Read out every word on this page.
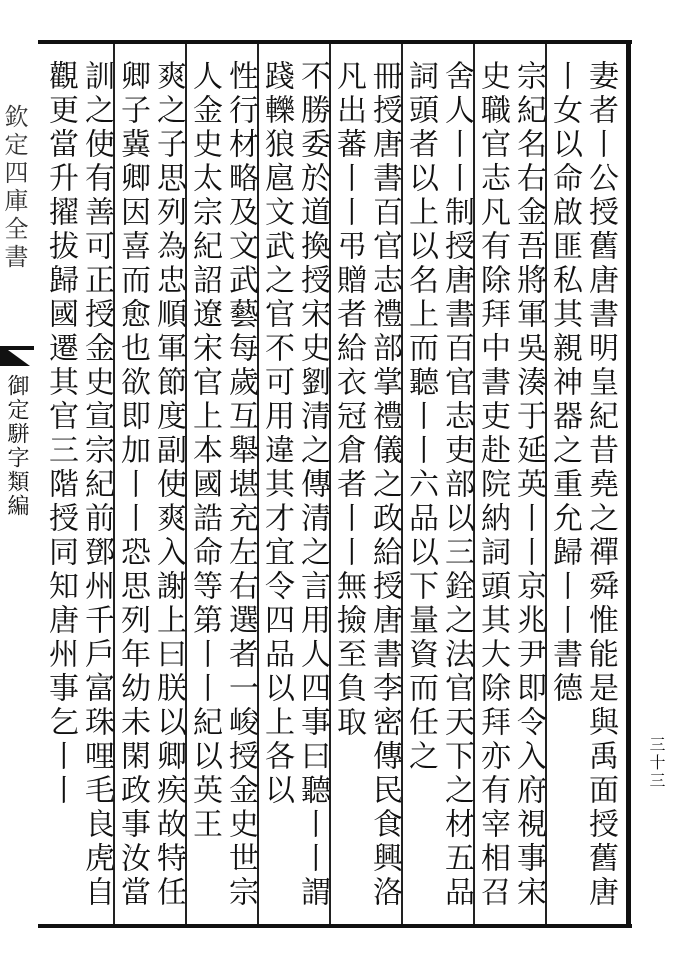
欽定四庫全書
御定駢字類編	妻者丨公授舊唐書明皇紀昔堯之禪舜惟能是與禹面授舊唐
丨女以命啟匪私其親神器之重允歸丨丨書德
宗紀名右金吾將軍吳湊于延英丨丨京兆尹即令入府視事宋
史職官志凡有除拜中書吏赴院納詞頭其大除拜亦有宰相召
舍人丨丨制授唐書百官志吏部以三銓之法官天下之材五品
詞頭者以上以名上而聽丨丨六品以下量資而任之
冊授唐書百官志禮部掌禮儀之政給授唐書李密傳民食興洛
凡出蕃丨丨弔贈者給衣冠倉者丨丨無撿至負取
不勝委於道換授宋史劉清之傳清之言用人四事曰聽丨丨謂
踐轢狼扈文武之官不可用違其才宜令四品以上各以
性行材略及文武藝每歲互舉堪充左右選者一峻授金史世宗
人金史太宗紀詔遼宋官上本國誥命等第丨丨紀以英王
爽之子思列為忠順軍節度副使爽入謝上曰朕以卿疾故特任
卿子冀卿因喜而愈也欲即加丨丨恐思列年幼未閑政事汝當
訓之使有善可正授金史宣宗紀前鄧州千戶富珠哩毛良虎自
觀更當升擢拔歸國遷其官三階授同知唐州事乞丨丨	三十三
